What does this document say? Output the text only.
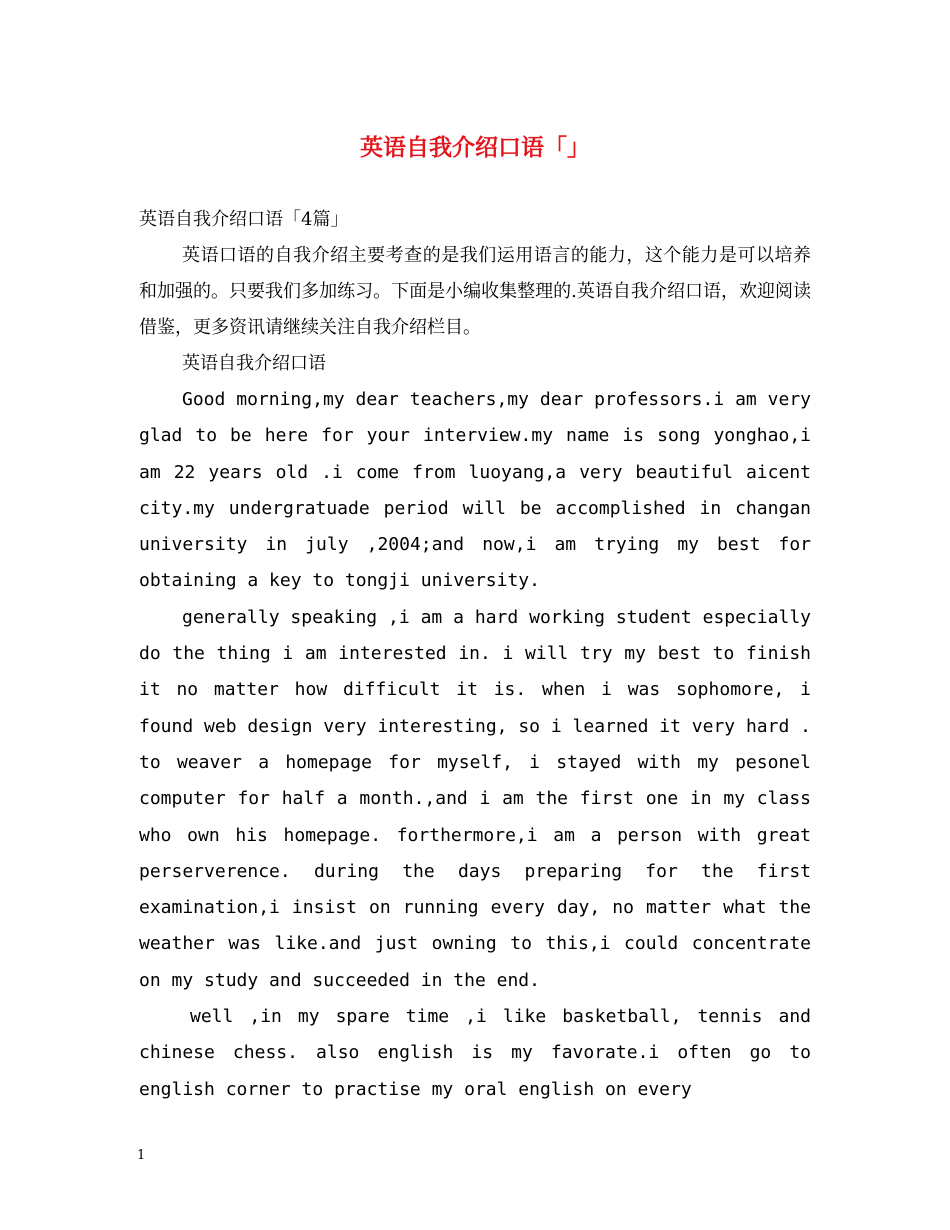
英语自我介绍口语「」

英语自我介绍口语「4篇」

英语口语的自我介绍主要考查的是我们运用语言的能力，这个能力是可以培养和加强的。只要我们多加练习。下面是小编收集整理的.英语自我介绍口语，欢迎阅读借鉴，更多资讯请继续关注自我介绍栏目。

英语自我介绍口语

Good morning,my dear teachers,my dear professors.i am very glad to be here for your interview.my name is song yonghao,i am 22 years old .i come from luoyang,a very beautiful aicent city.my undergratuade period will be accomplished in changan university in july ,2004;and now,i am trying my best for obtaining a key to tongji university.

generally speaking ,i am a hard working student especially do the thing i am interested in. i will try my best to finish it no matter how difficult it is. when i was sophomore, i found web design very interesting, so i learned it very hard . to weaver a homepage for myself, i stayed with my pesonel computer for half a month.,and i am the first one in my class who own his homepage. forthermore,i am a person with great perserverence. during the days preparing for the first examination,i insist on running every day, no matter what the weather was like.and just owning to this,i could concentrate on my study and succeeded in the end.

well ,in my spare time ,i like basketball, tennis and chinese chess. also english is my favorate.i often go to english corner to practise my oral english on every

1
